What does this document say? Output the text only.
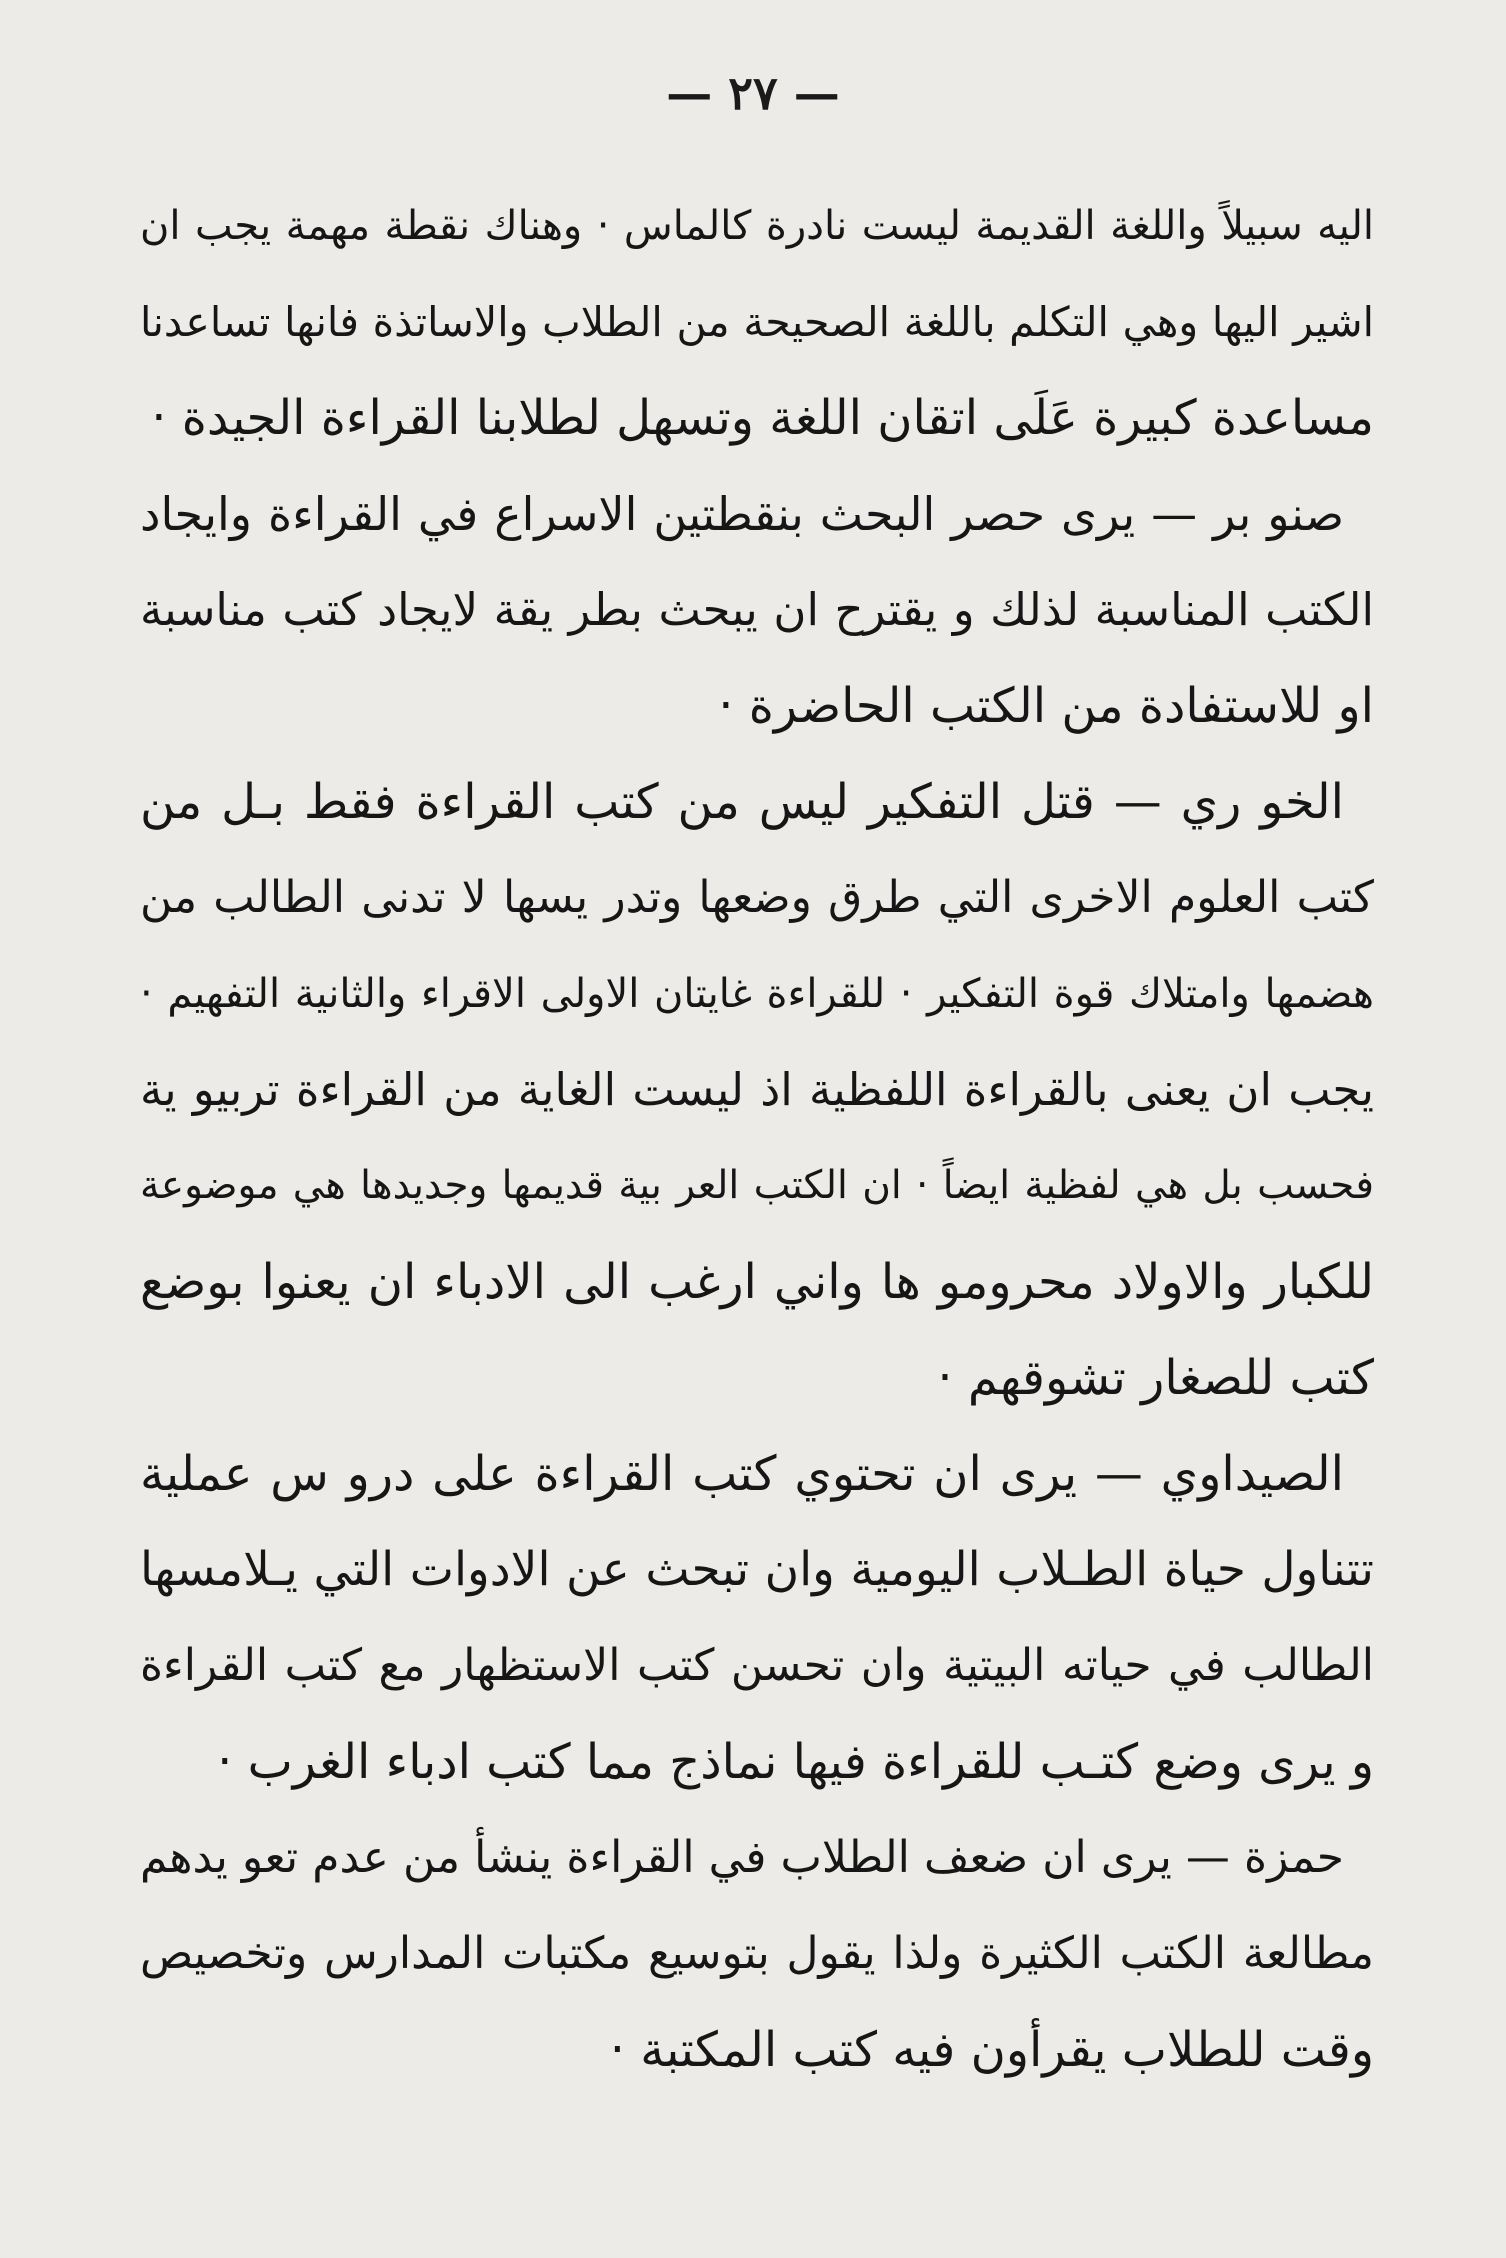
— ٢٧ —
اليه سبيلاً واللغة القديمة ليست نادرة كالماس · وهناك نقطة مهمة يجب ان
اشير اليها وهي التكلم باللغة الصحيحة من الطلاب والاساتذة فانها تساعدنا
مساعدة كبيرة عَلَى اتقان اللغة وتسهل لطلابنا القراءة الجيدة ·
صنو بر — يرى حصر البحث بنقطتين الاسراع في القراءة وايجاد
الكتب المناسبة لذلك و يقترح ان يبحث بطر يقة لايجاد كتب مناسبة
او للاستفادة من الكتب الحاضرة ·
الخو ري — قتل التفكير ليس من كتب القراءة فقط بـل من
كتب العلوم الاخرى التي طرق وضعها وتدر يسها لا تدنى الطالب من
هضمها وامتلاك قوة التفكير · للقراءة غايتان الاولى الاقراء والثانية التفهيم ·
يجب ان يعنى بالقراءة اللفظية اذ ليست الغاية من القراءة تربيو ية
فحسب بل هي لفظية ايضاً · ان الكتب العر بية قديمها وجديدها هي موضوعة
للكبار والاولاد محرومو ها واني ارغب الى الادباء ان يعنوا بوضع
كتب للصغار تشوقهم ·
الصيداوي — يرى ان تحتوي كتب القراءة على درو س عملية
تتناول حياة الطـلاب اليومية وان تبحث عن الادوات التي يـلامسها
الطالب في حياته البيتية وان تحسن كتب الاستظهار مع كتب القراءة
و يرى وضع كتـب للقراءة فيها نماذج مما كتب ادباء الغرب ·
حمزة — يرى ان ضعف الطلاب في القراءة ينشأ من عدم تعو يدهم
مطالعة الكتب الكثيرة ولذا يقول بتوسيع مكتبات المدارس وتخصيص
وقت للطلاب يقرأون فيه كتب المكتبة ·
